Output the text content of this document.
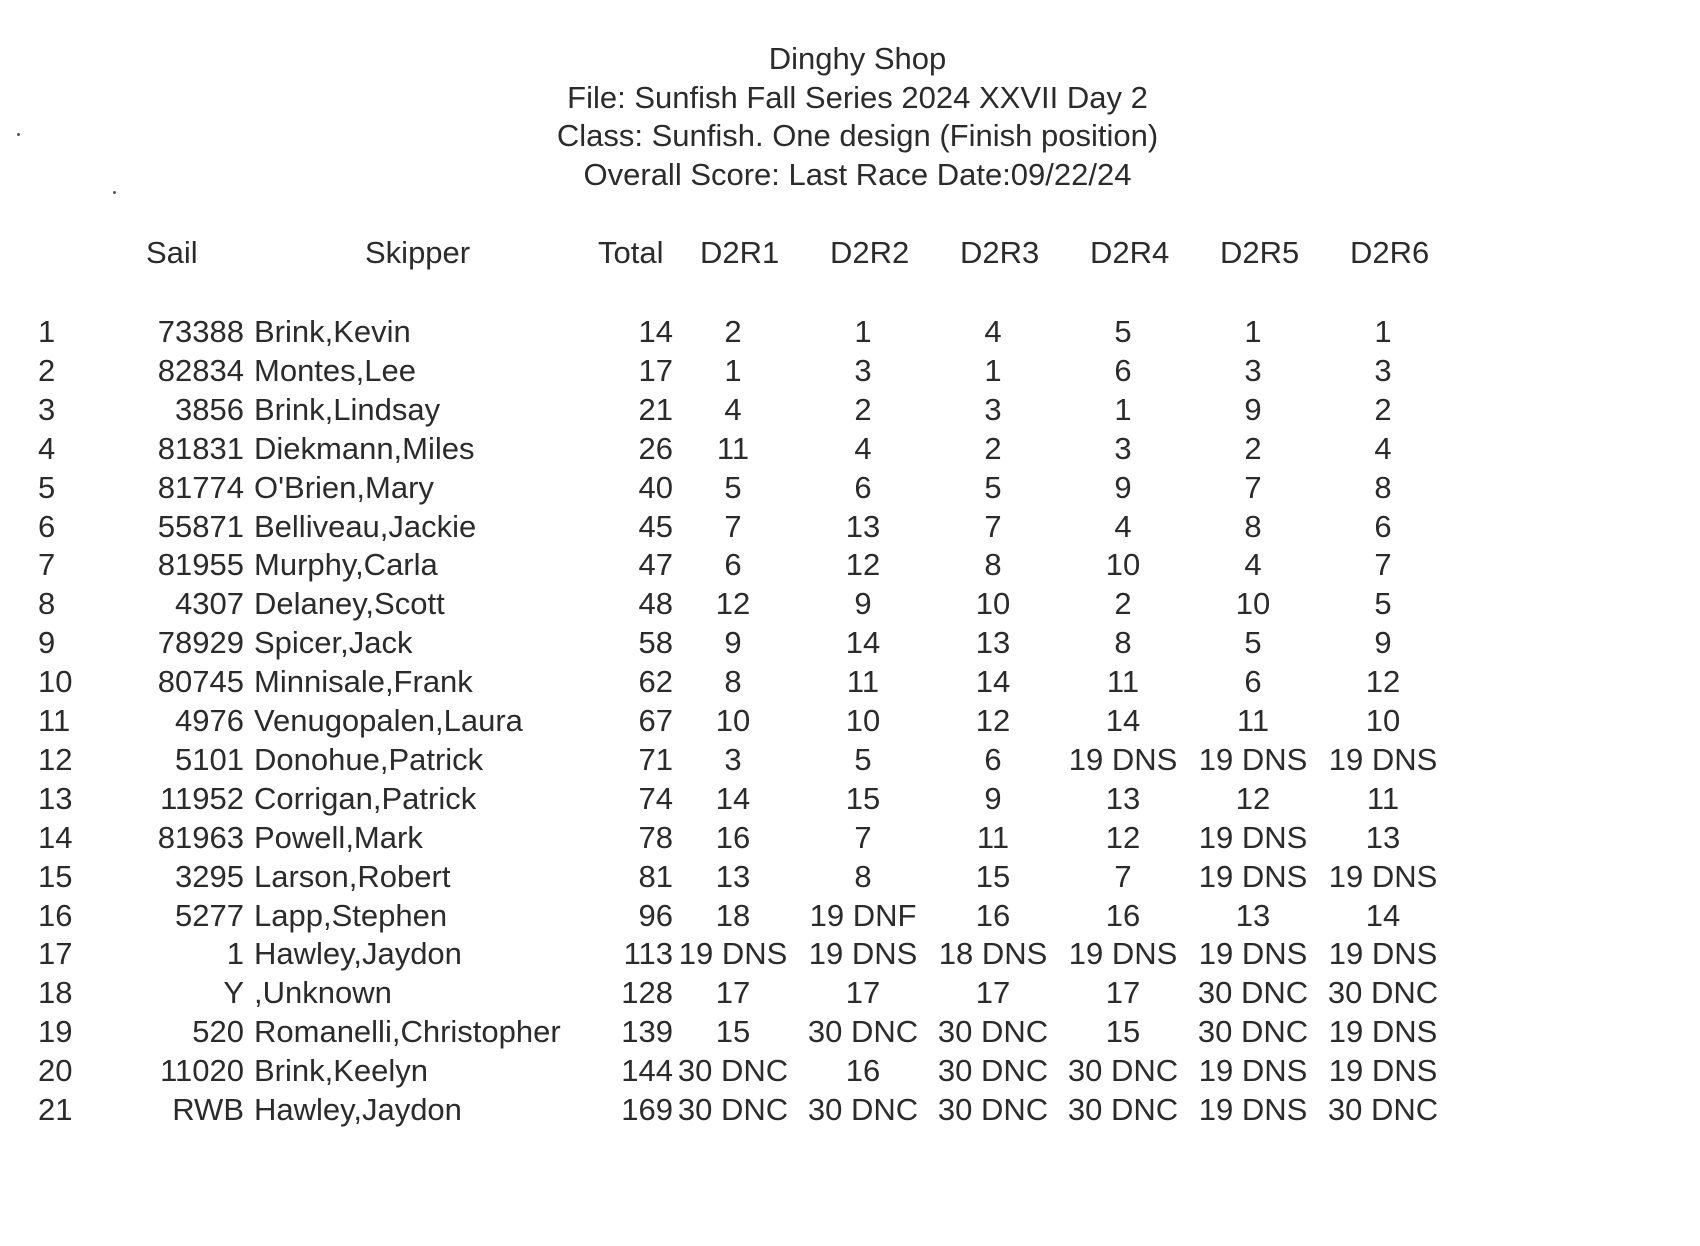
Dinghy Shop
File: Sunfish Fall Series 2024 XXVII Day 2
Class: Sunfish. One design (Finish position)
Overall Score: Last Race Date:09/22/24
Sail	Skipper	Total D2R1 D2R2 D2R3 D2R4 D2R5 D2R6
1	73388 Brink,Kevin	14 2	1	4	5	1	1
2	82834 Montes,Lee	17 1	3	1	6	3	3
3	3856 Brink,Lindsay	21 4	2	3	1	9	2
4	81831 Diekmann,Miles	26 11	4	2	3	2	4
5	81774 O'Brien,Mary	40 5	6	5	9	7	8
6	55871 Belliveau,Jackie	45 7	13	7	4	8	6
7	81955 Murphy,Carla	47 6	12	8	10	4	7
8	4307 Delaney,Scott	48 12	9	10	2	10	5
9	78929 Spicer,Jack	58 9	14	13	8	5	9
10	80745 Minnisale,Frank	62 8	11	14	11	6	12
11	4976 Venugopalen,Laura	67 10	10	12	14	11	10
12	5101 Donohue,Patrick	71 3	5	6 19 DNS 19 DNS 19 DNS
13	11952 Corrigan,Patrick	74 14	15	9	13	12	11
14	81963 Powell,Mark	78 16	7	11	12 19 DNS 13
15	3295 Larson,Robert	81 13	8	15	7 19 DNS 19 DNS
16	5277 Lapp,Stephen	96 18 19 DNF 16	16	13	14
17	1 Hawley,Jaydon	113 19 DNS 19 DNS 18 DNS 19 DNS 19 DNS 19 DNS
18	Y ,Unknown	128 17	17	17	17 30 DNC 30 DNC
19	520 Romanelli,Christopher 139 15 30 DNC 30 DNC 15 30 DNC 19 DNS
20	11020 Brink,Keelyn	144 30 DNC 16 30 DNC 30 DNC 19 DNS 19 DNS
21	RWB Hawley,Jaydon	169 30 DNC 30 DNC 30 DNC 30 DNC 19 DNS 30 DNC
